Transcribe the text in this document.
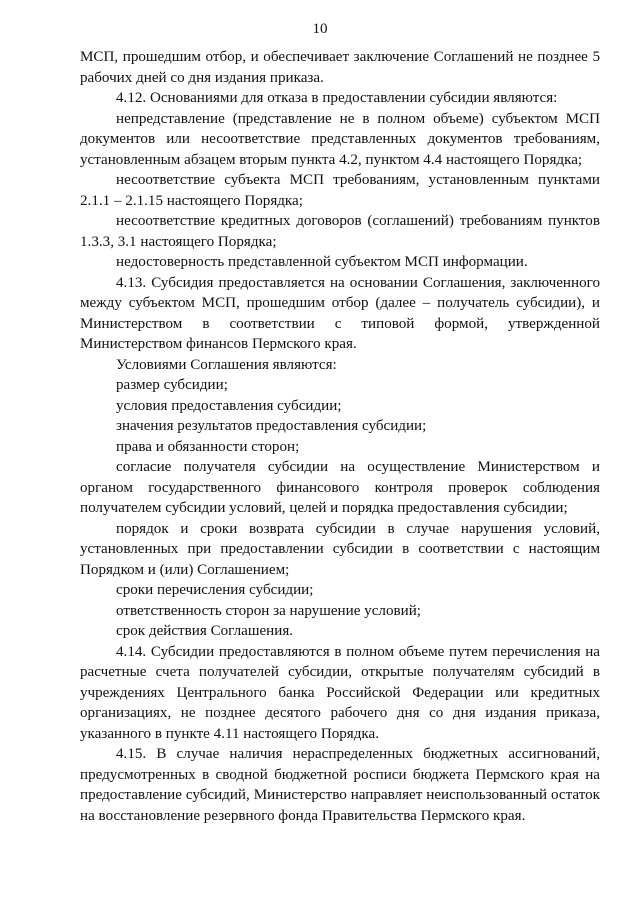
10

МСП, прошедшим отбор, и обеспечивает заключение Соглашений не позднее 5 рабочих дней со дня издания приказа.

4.12. Основаниями для отказа в предоставлении субсидии являются:

непредставление (представление не в полном объеме) субъектом МСП документов или несоответствие представленных документов требованиям, установленным абзацем вторым пункта 4.2, пунктом 4.4 настоящего Порядка;

несоответствие субъекта МСП требованиям, установленным пунктами 2.1.1 – 2.1.15 настоящего Порядка;

несоответствие кредитных договоров (соглашений) требованиям пунктов 1.3.3, 3.1 настоящего Порядка;

недостоверность представленной субъектом МСП информации.

4.13. Субсидия предоставляется на основании Соглашения, заключенного между субъектом МСП, прошедшим отбор (далее – получатель субсидии), и Министерством в соответствии с типовой формой, утвержденной Министерством финансов Пермского края.

Условиями Соглашения являются:

размер субсидии;

условия предоставления субсидии;

значения результатов предоставления субсидии;

права и обязанности сторон;

согласие получателя субсидии на осуществление Министерством и органом государственного финансового контроля проверок соблюдения получателем субсидии условий, целей и порядка предоставления субсидии;

порядок и сроки возврата субсидии в случае нарушения условий, установленных при предоставлении субсидии в соответствии с настоящим Порядком и (или) Соглашением;

сроки перечисления субсидии;

ответственность сторон за нарушение условий;

срок действия Соглашения.

4.14. Субсидии предоставляются в полном объеме путем перечисления на расчетные счета получателей субсидии, открытые получателям субсидий в учреждениях Центрального банка Российской Федерации или кредитных организациях, не позднее десятого рабочего дня со дня издания приказа, указанного в пункте 4.11 настоящего Порядка.

4.15. В случае наличия нераспределенных бюджетных ассигнований, предусмотренных в сводной бюджетной росписи бюджета Пермского края на предоставление субсидий, Министерство направляет неиспользованный остаток на восстановление резервного фонда Правительства Пермского края.
